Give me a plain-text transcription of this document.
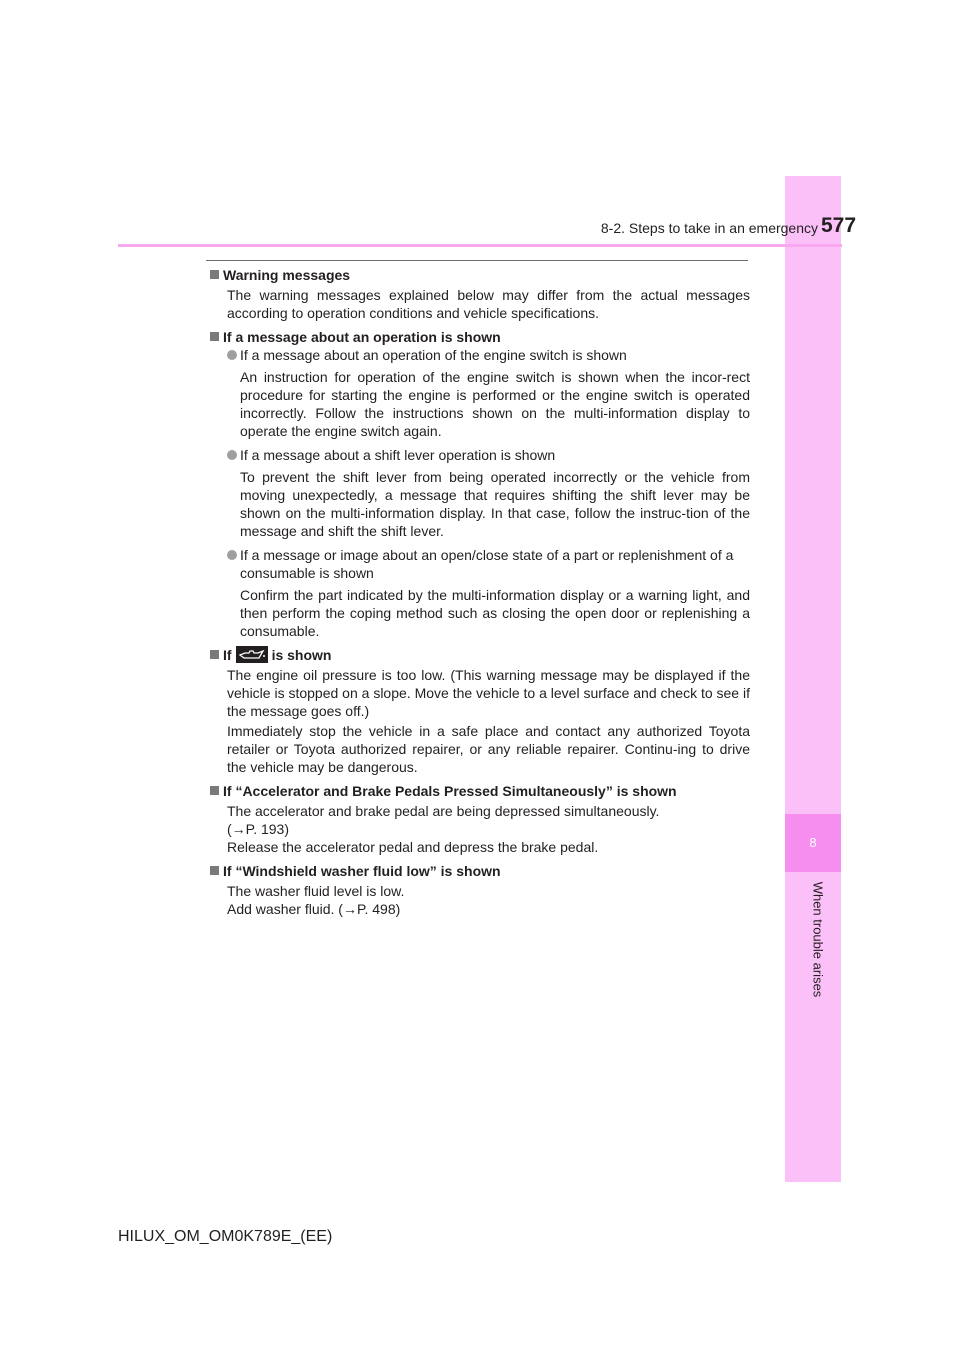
8
When trouble arises
8-2. Steps to take in an emergency 577
Warning messages
The warning messages explained below may differ from the actual messages according to operation conditions and vehicle specifications.
If a message about an operation is shown
If a message about an operation of the engine switch is shown
An instruction for operation of the engine switch is shown when the incor-rect procedure for starting the engine is performed or the engine switch is operated incorrectly. Follow the instructions shown on the multi-information display to operate the engine switch again.
If a message about a shift lever operation is shown
To prevent the shift lever from being operated incorrectly or the vehicle from moving unexpectedly, a message that requires shifting the shift lever may be shown on the multi-information display. In that case, follow the instruc-tion of the message and shift the shift lever.
If a message or image about an open/close state of a part or replenishment of a consumable is shown
Confirm the part indicated by the multi-information display or a warning light, and then perform the coping method such as closing the open door or replenishing a consumable.
If	is shown
The engine oil pressure is too low. (This warning message may be displayed if the vehicle is stopped on a slope. Move the vehicle to a level surface and check to see if the message goes off.)
Immediately stop the vehicle in a safe place and contact any authorized Toyota retailer or Toyota authorized repairer, or any reliable repairer. Continu-ing to drive the vehicle may be dangerous.
If “Accelerator and Brake Pedals Pressed Simultaneously” is shown
The accelerator and brake pedal are being depressed simultaneously.
(→P. 193)
Release the accelerator pedal and depress the brake pedal.
If “Windshield washer fluid low” is shown
The washer fluid level is low.
Add washer fluid. (→P. 498)
HILUX_OM_OM0K789E_(EE)
